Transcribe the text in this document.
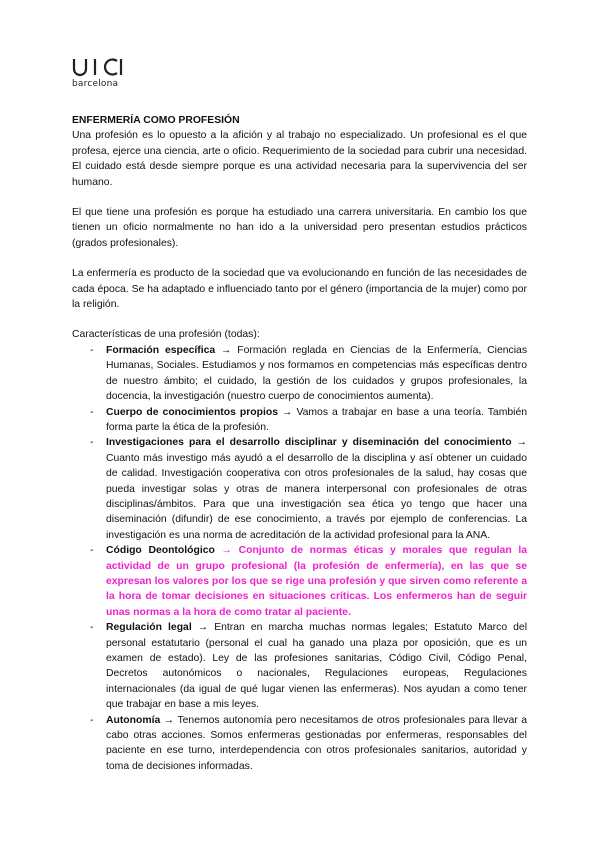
barcelona

ENFERMERÍA COMO PROFESIÓN

Una profesión es lo opuesto a la afición y al trabajo no especializado. Un profesional es el que profesa, ejerce una ciencia, arte o oficio. Requerimiento de la sociedad para cubrir una necesidad. El cuidado está desde siempre porque es una actividad necesaria para la supervivencia del ser humano.

El que tiene una profesión es porque ha estudiado una carrera universitaria. En cambio los que tienen un oficio normalmente no han ido a la universidad pero presentan estudios prácticos (grados profesionales).

La enfermería es producto de la sociedad que va evolucionando en función de las necesidades de cada época. Se ha adaptado e influenciado tanto por el género (importancia de la mujer) como por la religión.

Características de una profesión (todas):

- Formación específica → Formación reglada en Ciencias de la Enfermería, Ciencias Humanas, Sociales. Estudiamos y nos formamos en competencias más específicas dentro de nuestro ámbito; el cuidado, la gestión de los cuidados y grupos profesionales, la docencia, la investigación (nuestro cuerpo de conocimientos aumenta).
- Cuerpo de conocimientos propios → Vamos a trabajar en base a una teoría. También forma parte la ética de la profesión.
- Investigaciones para el desarrollo disciplinar y diseminación del conocimiento → Cuanto más investigo más ayudó a el desarrollo de la disciplina y así obtener un cuidado de calidad. Investigación cooperativa con otros profesionales de la salud, hay cosas que pueda investigar solas y otras de manera interpersonal con profesionales de otras disciplinas/ámbitos. Para que una investigación sea ética yo tengo que hacer una diseminación (difundir) de ese conocimiento, a través por ejemplo de conferencias. La investigación es una norma de acreditación de la actividad profesional para la ANA.
- Código Deontológico → Conjunto de normas éticas y morales que regulan la actividad de un grupo profesional (la profesión de enfermería), en las que se expresan los valores por los que se rige una profesión y que sirven como referente a la hora de tomar decisiones en situaciones críticas. Los enfermeros han de seguir unas normas a la hora de como tratar al paciente.
- Regulación legal → Entran en marcha muchas normas legales; Estatuto Marco del personal estatutario (personal el cual ha ganado una plaza por oposición, que es un examen de estado). Ley de las profesiones sanitarias, Código Civil, Código Penal, Decretos autonómicos o nacionales, Regulaciones europeas, Regulaciones internacionales (da igual de qué lugar vienen las enfermeras). Nos ayudan a como tener que trabajar en base a mis leyes.
- Autonomía → Tenemos autonomía pero necesitamos de otros profesionales para llevar a cabo otras acciones. Somos enfermeras gestionadas por enfermeras, responsables del paciente en ese turno, interdependencia con otros profesionales sanitarios, autoridad y toma de decisiones informadas.
